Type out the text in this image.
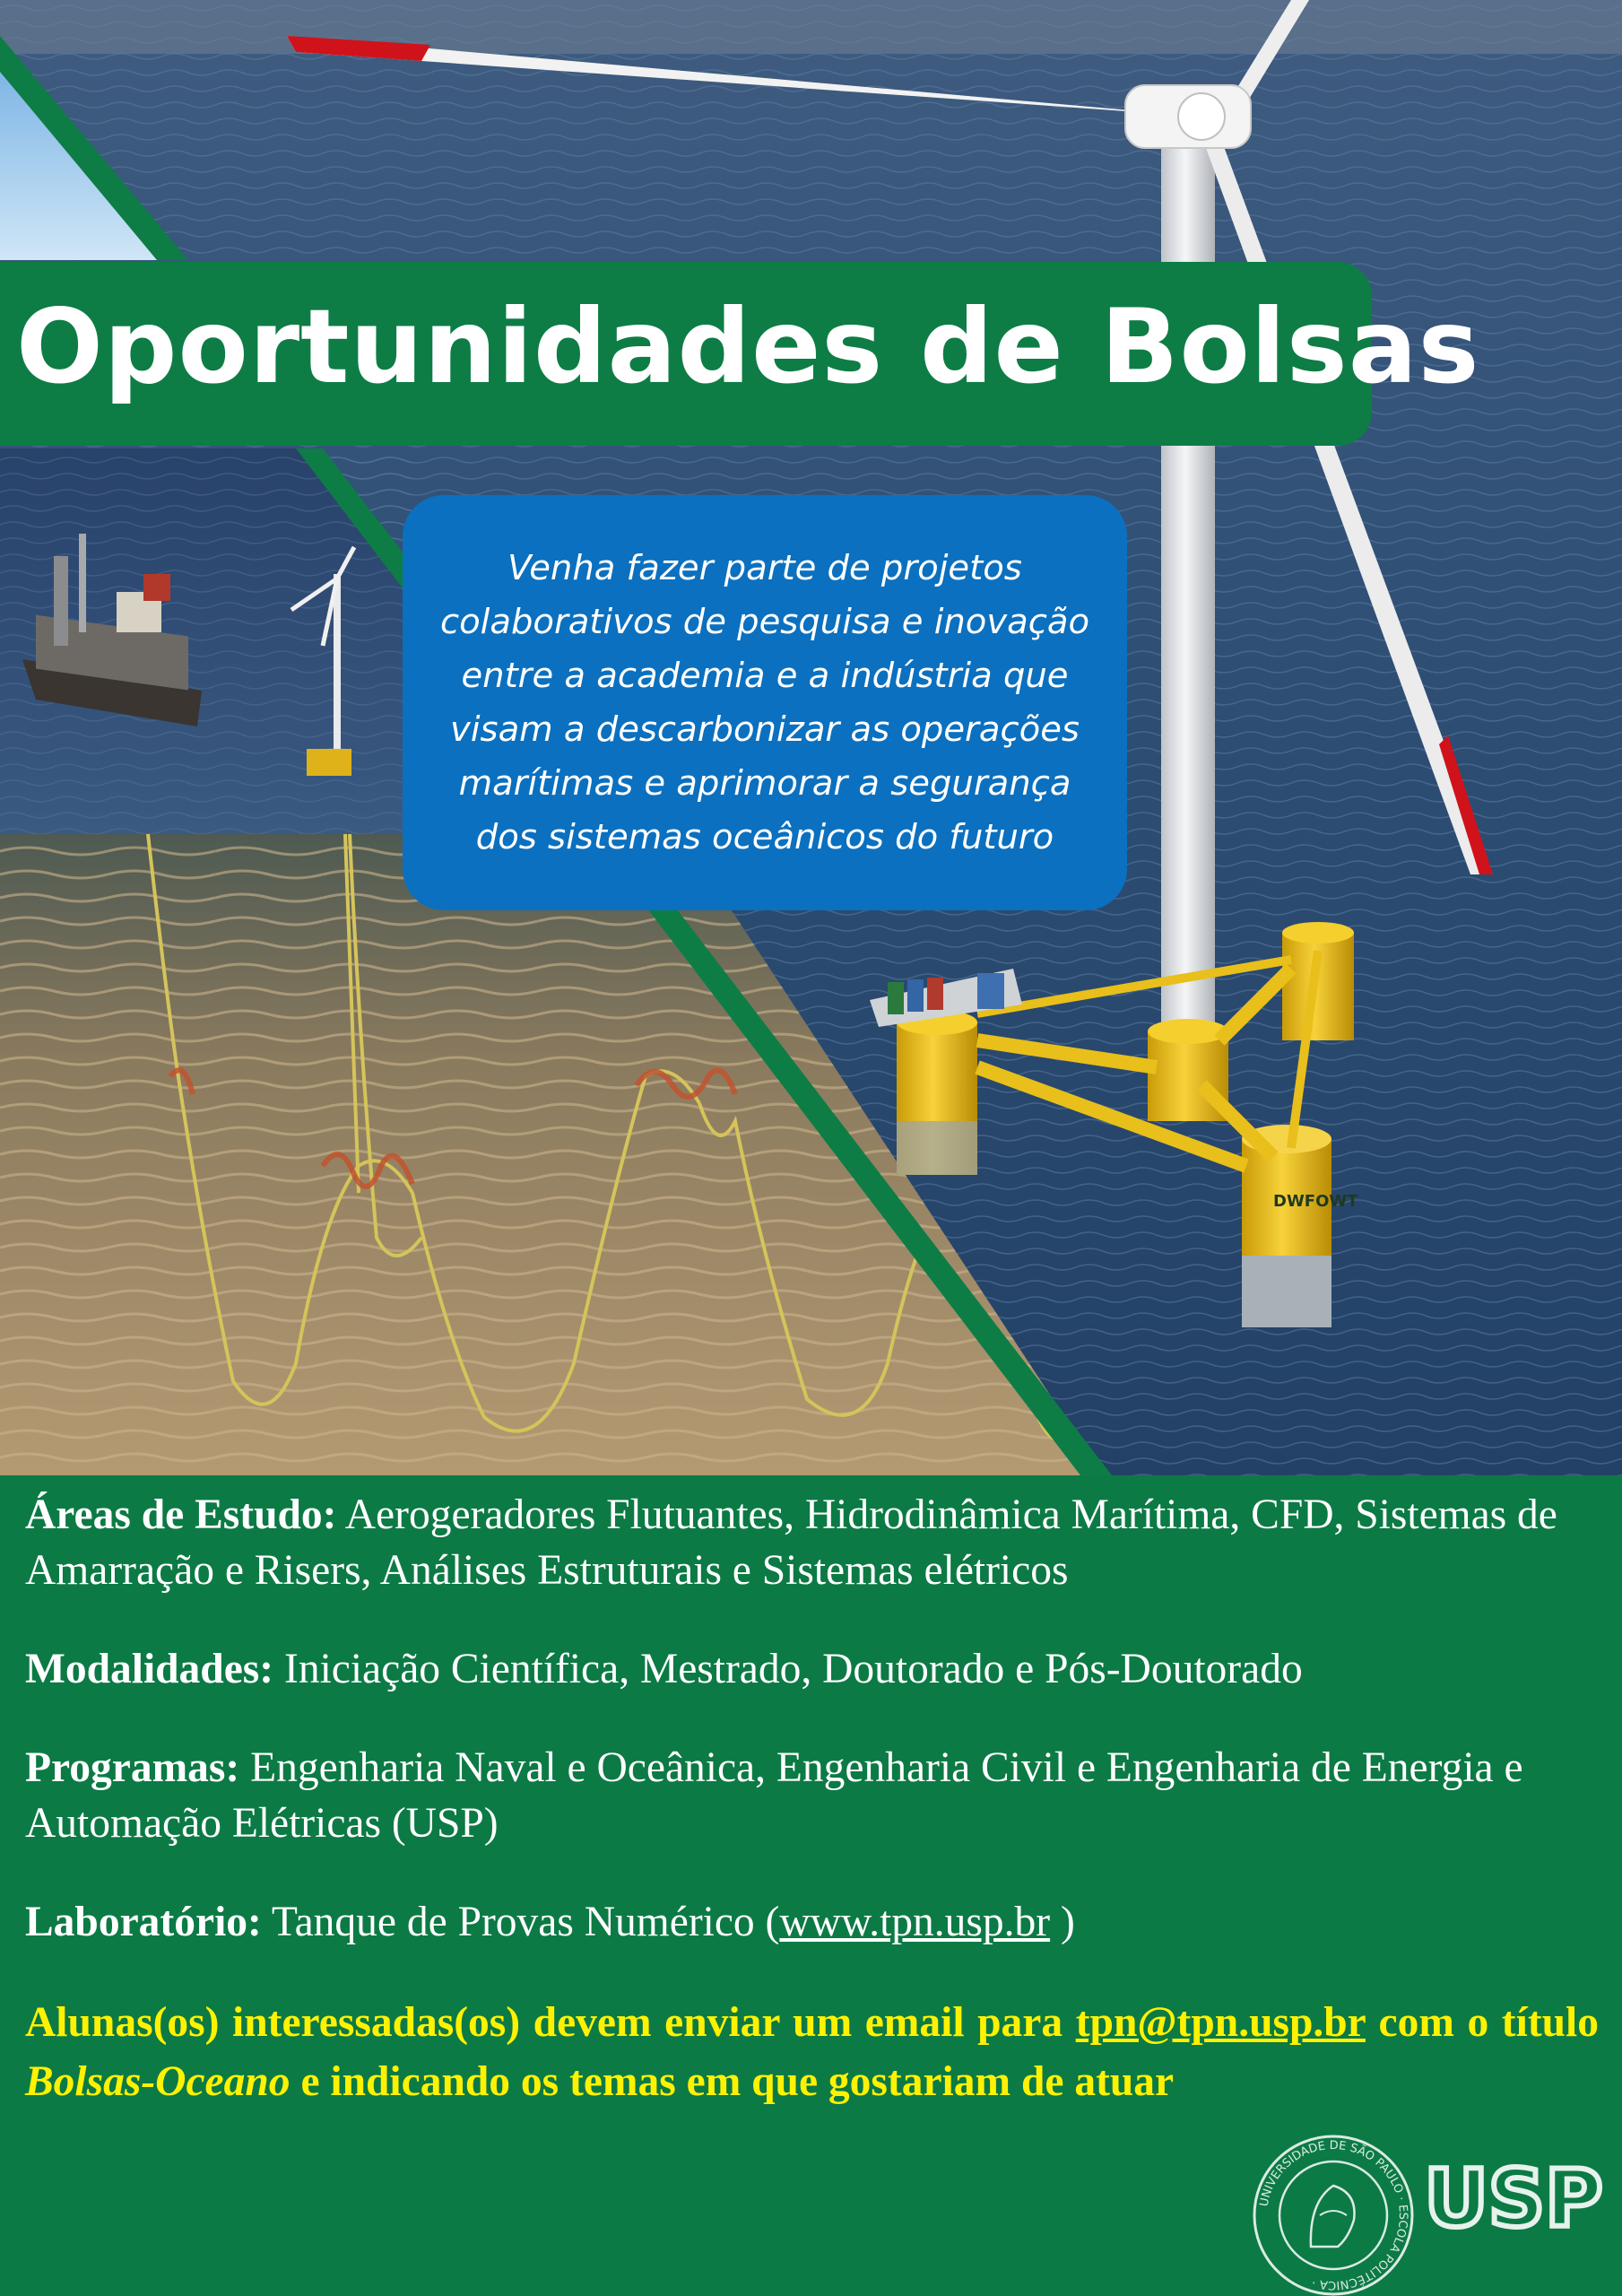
DWFOWT
Oportunidades de Bolsas

Venha fazer parte de projetos
colaborativos de pesquisa e inovação
entre a academia e a indústria que
visam a descarbonizar as operações
marítimas e aprimorar a segurança
dos sistemas oceânicos do futuro

Áreas de Estudo: Aerogeradores Flutuantes, Hidrodinâmica Marítima, CFD, Sistemas de Amarração e Risers, Análises Estruturais e Sistemas elétricos

Modalidades: Iniciação Científica, Mestrado, Doutorado e Pós-Doutorado

Programas: Engenharia Naval e Oceânica, Engenharia Civil e Engenharia de Energia e Automação Elétricas (USP)

Laboratório: Tanque de Provas Numérico (www.tpn.usp.br )

Alunas(os) interessadas(os) devem enviar um email para tpn@tpn.usp.br com o título Bolsas-Oceano e indicando os temas em que gostariam de atuar

UNIVERSIDADE DE SÃO PAULO · ESCOLA POLITÉCNICA ·
USP
